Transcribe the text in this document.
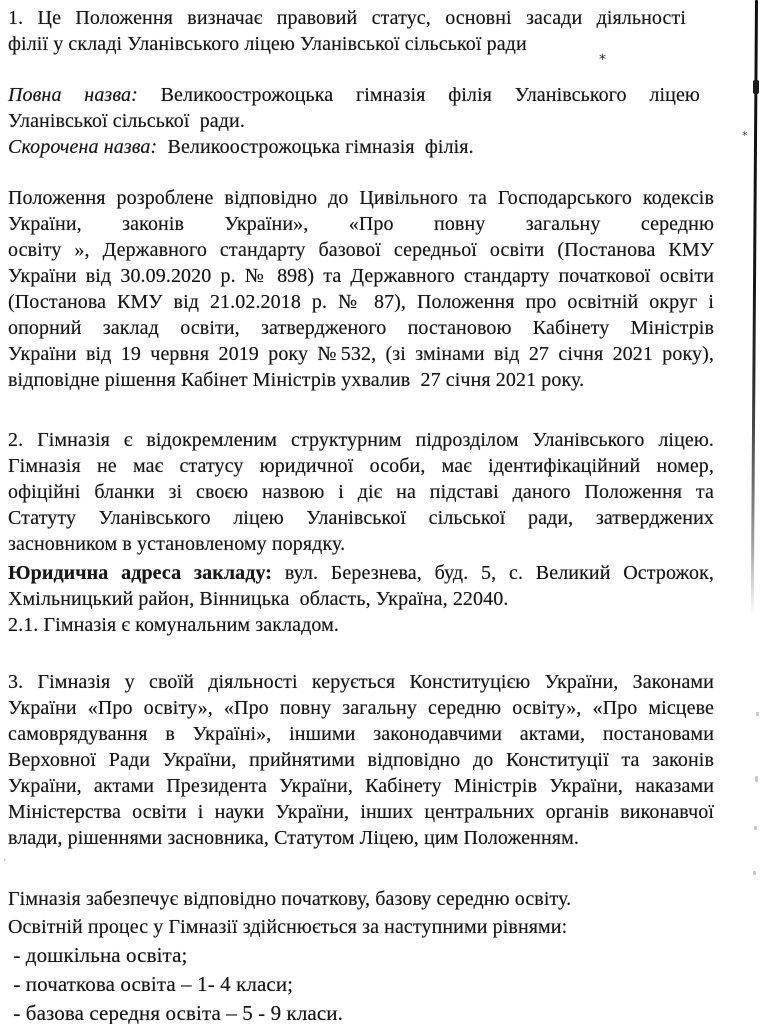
1. Це Положення визначає правовий статус, основні засади діяльності
філії у складі Уланівського ліцею Уланівської сільської ради
Повна назва: Великоострожоцька гімназія філія Уланівського ліцею
Уланівської сільської  ради.
Скорочена назва:  Великоострожоцька гімназія  філія.
Положення розроблене відповідно до Цивільного та Господарського кодексів
України, законів України», «Про повну загальну середню
освіту », Державного стандарту базової середньої освіти (Постанова КМУ
України від 30.09.2020 р. № 898) та Державного стандарту початкової освіти
(Постанова КМУ від 21.02.2018 р. № 87), Положення про освітній округ і
опорний заклад освіти, затвердженого постановою Кабінету Міністрів
України від 19 червня 2019 року №532, (зі змінами від 27 січня 2021 року),
відповідне рішення Кабінет Міністрів ухвалив  27 січня 2021 року.
2. Гімназія є відокремленим структурним підрозділом Уланівського ліцею.
Гімназія не має статусу юридичної особи, має ідентифікаційний номер,
офіційні бланки зі своєю назвою і діє на підставі даного Положення та
Статуту Уланівського ліцею Уланівської сільської ради, затверджених
засновником в установленому порядку.
Юридична адреса закладу: вул. Березнева, буд. 5, с. Великий Острожок,
Хмільницький район, Вінницька  область, Україна, 22040.
2.1. Гімназія є комунальним закладом.
3. Гімназія у своїй діяльності керується Конституцією України, Законами
України «Про освіту», «Про повну загальну середню освіту», «Про місцеве
самоврядування в Україні», іншими законодавчими актами, постановами
Верховної Ради України, прийнятими відповідно до Конституції та законів
України, актами Президента України, Кабінету Міністрів України, наказами
Міністерства освіти і науки України, інших центральних органів виконавчої
влади, рішеннями засновника, Статутом Ліцею, цим Положенням.
Гімназія забезпечує відповідно початкову, базову середню освіту.
Освітній процес у Гімназії здійснюється за наступними рівнями:
- дошкільна освіта;
- початкова освіта – 1- 4 класи;
- базова середня освіта – 5 - 9 класи.
*
*
,
